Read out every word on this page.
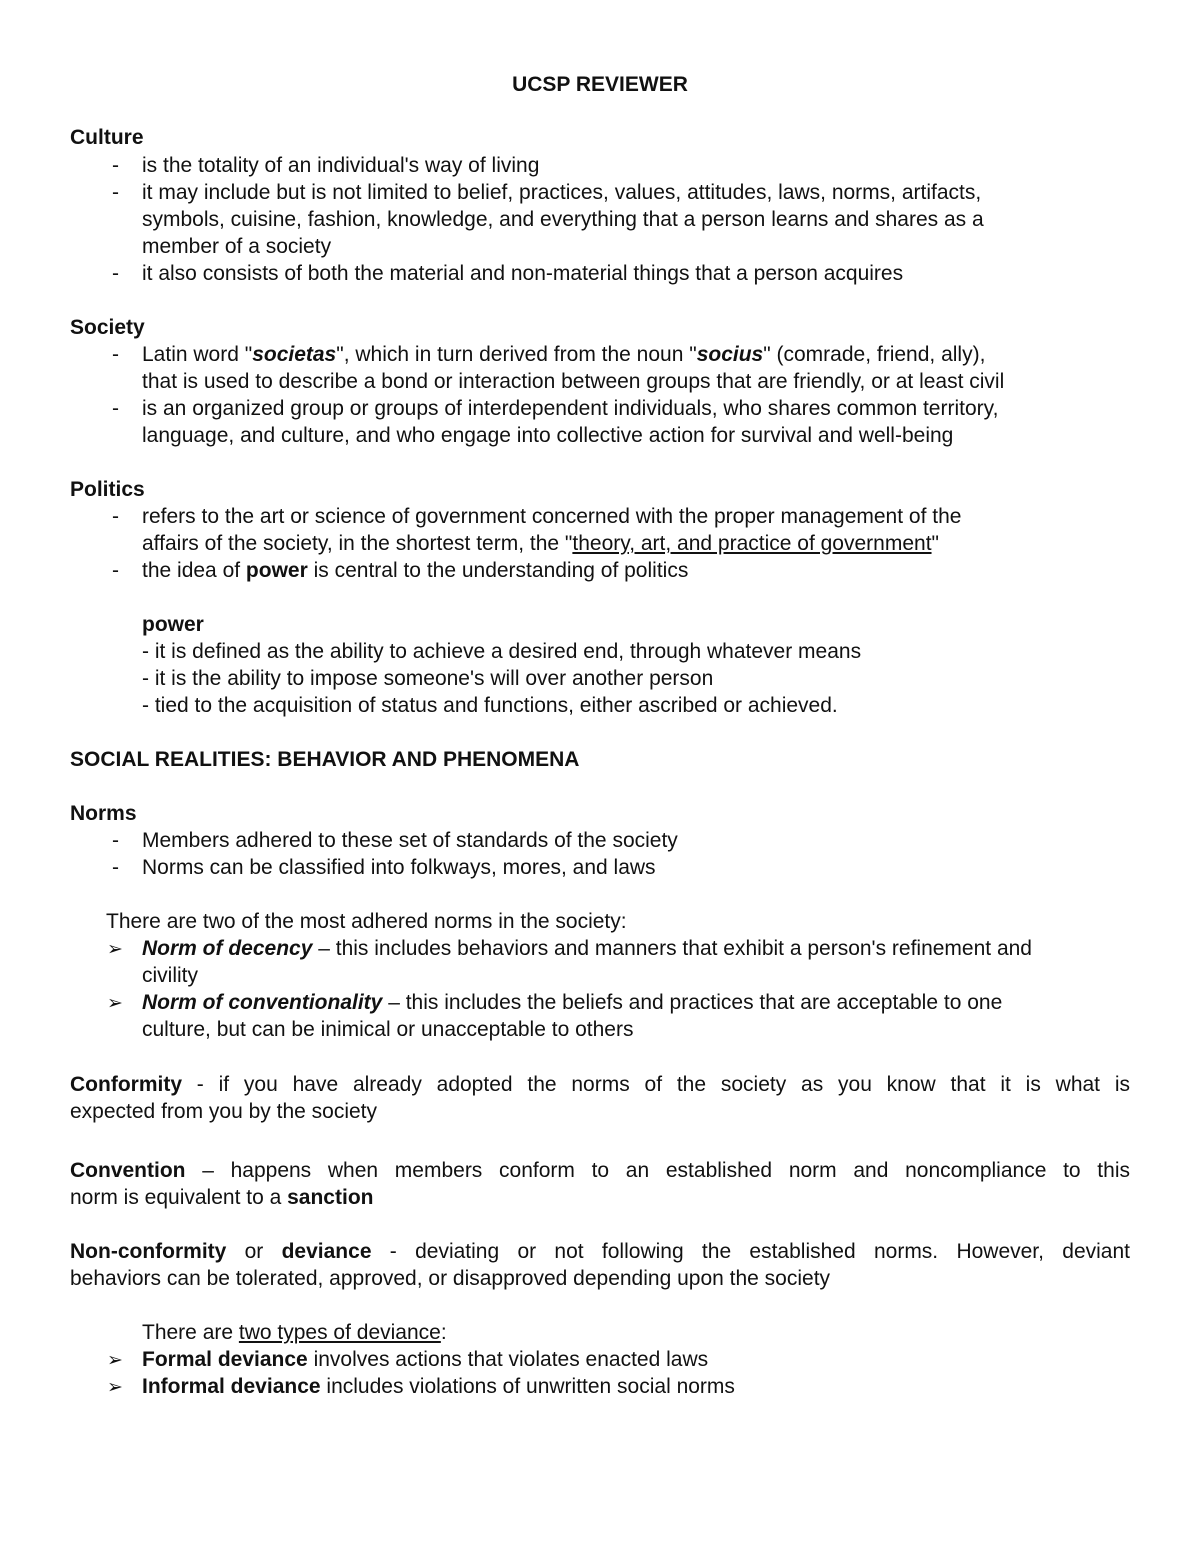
UCSP REVIEWER
Culture
- is the totality of an individual's way of living
- it may include but is not limited to belief, practices, values, attitudes, laws, norms, artifacts,
symbols, cuisine, fashion, knowledge, and everything that a person learns and shares as a
member of a society
- it also consists of both the material and non-material things that a person acquires
Society
- Latin word "societas", which in turn derived from the noun "socius" (comrade, friend, ally),
that is used to describe a bond or interaction between groups that are friendly, or at least civil
- is an organized group or groups of interdependent individuals, who shares common territory,
language, and culture, and who engage into collective action for survival and well-being
Politics
- refers to the art or science of government concerned with the proper management of the
affairs of the society, in the shortest term, the "theory, art, and practice of government"
- the idea of power is central to the understanding of politics
power
- it is defined as the ability to achieve a desired end, through whatever means
- it is the ability to impose someone's will over another person
- tied to the acquisition of status and functions, either ascribed or achieved.
SOCIAL REALITIES: BEHAVIOR AND PHENOMENA
Norms
- Members adhered to these set of standards of the society
- Norms can be classified into folkways, mores, and laws
There are two of the most adhered norms in the society:
➢ Norm of decency – this includes behaviors and manners that exhibit a person's refinement and
civility
➢ Norm of conventionality – this includes the beliefs and practices that are acceptable to one
culture, but can be inimical or unacceptable to others
Conformity - if you have already adopted the norms of the society as you know that it is what is
expected from you by the society
Convention – happens when members conform to an established norm and noncompliance to this
norm is equivalent to a sanction
Non-conformity or deviance - deviating or not following the established norms. However, deviant
behaviors can be tolerated, approved, or disapproved depending upon the society
There are two types of deviance:
➢ Formal deviance involves actions that violates enacted laws
➢ Informal deviance includes violations of unwritten social norms
